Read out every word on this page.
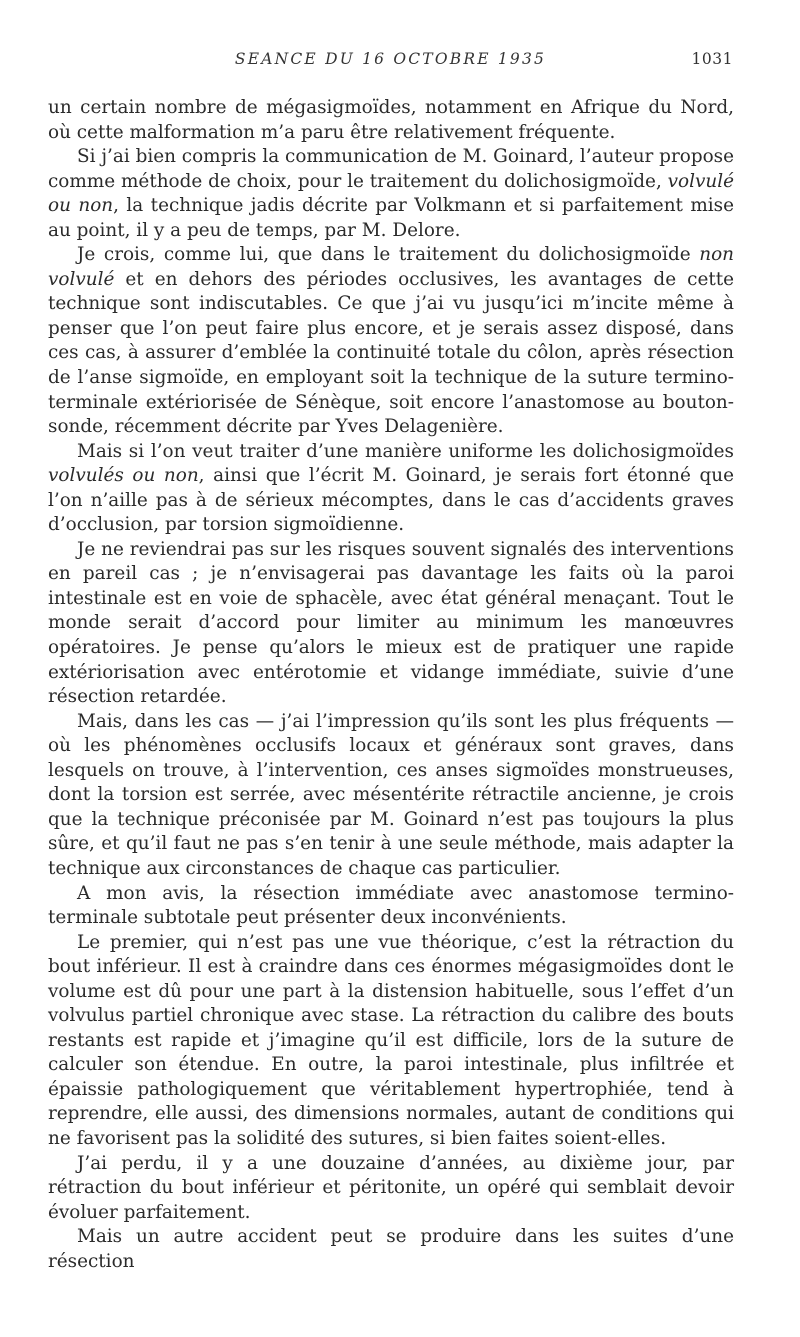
SEANCE DU 16 OCTOBRE 1935	1031

un certain nombre de mégasigmoïdes, notamment en Afrique du Nord, où cette malformation m’a paru être relativement fréquente.

Si j’ai bien compris la communication de M. Goinard, l’auteur propose comme méthode de choix, pour le traitement du dolichosigmoïde, volvulé ou non, la technique jadis décrite par Volkmann et si parfaitement mise au point, il y a peu de temps, par M. Delore.

Je crois, comme lui, que dans le traitement du dolichosigmoïde non volvulé et en dehors des périodes occlusives, les avantages de cette technique sont indiscutables. Ce que j’ai vu jusqu’ici m’incite même à penser que l’on peut faire plus encore, et je serais assez disposé, dans ces cas, à assurer d’emblée la continuité totale du côlon, après résection de l’anse sigmoïde, en employant soit la technique de la suture termino-terminale extériorisée de Sénèque, soit encore l’anastomose au bouton-sonde, récemment décrite par Yves Delagenière.

Mais si l’on veut traiter d’une manière uniforme les dolichosigmoïdes volvulés ou non, ainsi que l’écrit M. Goinard, je serais fort étonné que l’on n’aille pas à de sérieux mécomptes, dans le cas d’accidents graves d’occlusion, par torsion sigmoïdienne.

Je ne reviendrai pas sur les risques souvent signalés des interventions en pareil cas ; je n’envisagerai pas davantage les faits où la paroi intestinale est en voie de sphacèle, avec état général menaçant. Tout le monde serait d’accord pour limiter au minimum les manœuvres opératoires. Je pense qu’alors le mieux est de pratiquer une rapide extériorisation avec entérotomie et vidange immédiate, suivie d’une résection retardée.

Mais, dans les cas — j’ai l’impression qu’ils sont les plus fréquents — où les phénomènes occlusifs locaux et généraux sont graves, dans lesquels on trouve, à l’intervention, ces anses sigmoïdes monstrueuses, dont la torsion est serrée, avec mésentérite rétractile ancienne, je crois que la technique préconisée par M. Goinard n’est pas toujours la plus sûre, et qu’il faut ne pas s’en tenir à une seule méthode, mais adapter la technique aux circonstances de chaque cas particulier.

A mon avis, la résection immédiate avec anastomose termino-terminale subtotale peut présenter deux inconvénients.

Le premier, qui n’est pas une vue théorique, c’est la rétraction du bout inférieur. Il est à craindre dans ces énormes mégasigmoïdes dont le volume est dû pour une part à la distension habituelle, sous l’effet d’un volvulus partiel chronique avec stase. La rétraction du calibre des bouts restants est rapide et j’imagine qu’il est difficile, lors de la suture de calculer son étendue. En outre, la paroi intestinale, plus infiltrée et épaissie pathologiquement que véritablement hypertrophiée, tend à reprendre, elle aussi, des dimensions normales, autant de conditions qui ne favorisent pas la solidité des sutures, si bien faites soient-elles.

J’ai perdu, il y a une douzaine d’années, au dixième jour, par rétraction du bout inférieur et péritonite, un opéré qui semblait devoir évoluer parfaitement.

Mais un autre accident peut se produire dans les suites d’une résection
